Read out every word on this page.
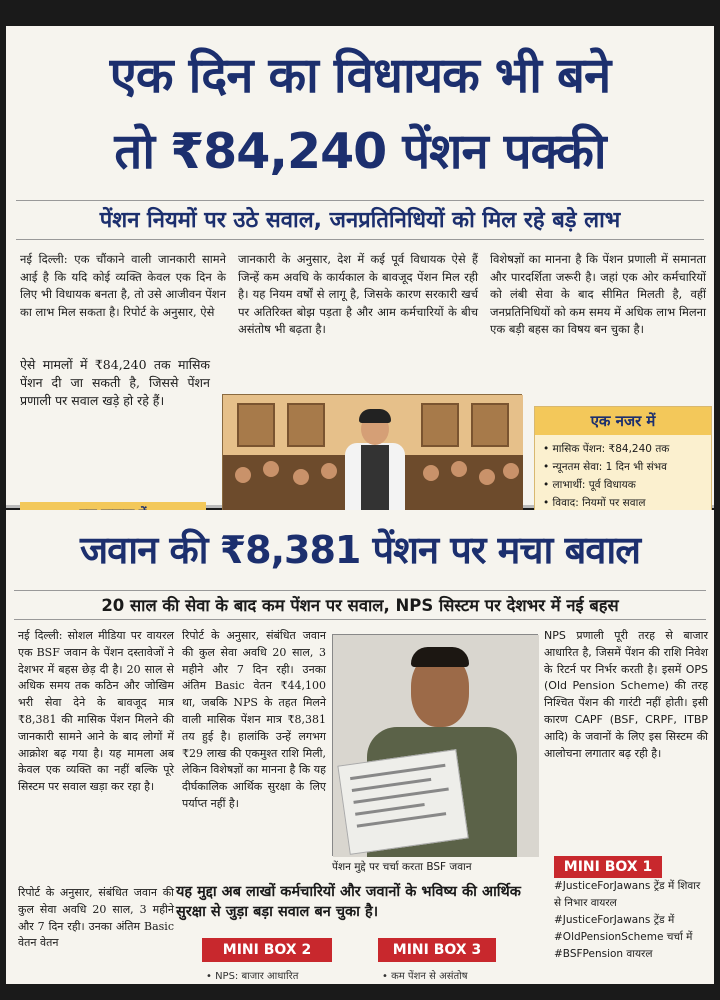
एक दिन का विधायक भी बने
तो ₹84,240 पेंशन पक्की
पेंशन नियमों पर उठे सवाल, जनप्रतिनिधियों को मिल रहे बड़े लाभ
नई दिल्ली: एक चौंकाने वाली जानकारी सामने आई है कि यदि कोई व्यक्ति केवल एक दिन के लिए भी विधायक बनता है, तो उसे आजीवन पेंशन का लाभ मिल सकता है। रिपोर्ट के अनुसार, ऐसे
जानकारी के अनुसार, देश में कई पूर्व विधायक ऐसे हैं जिन्हें कम अवधि के कार्यकाल के बावजूद पेंशन मिल रही है। यह नियम वर्षों से लागू है, जिसके कारण सरकारी खर्च पर अतिरिक्त बोझ पड़ता है और आम कर्मचारियों के बीच असंतोष भी बढ़ता है।
विशेषज्ञों का मानना है कि पेंशन प्रणाली में समानता और पारदर्शिता जरूरी है। जहां एक ओर कर्मचारियों को लंबी सेवा के बाद सीमित मिलती है, वहीं जनप्रतिनिधियों को कम समय में अधिक लाभ मिलना एक बड़ी बहस का विषय बन चुका है।
ऐसे मामलों में ₹84,240 तक मासिक पेंशन दी जा सकती है, जिससे पेंशन प्रणाली पर सवाल खड़े हो रहे हैं।
एक नजर में
• मासिक पेंशन: ₹84,240 तक
• न्यूनतम सेवा: 1 दिन भी संभव
• लाभार्थी: पूर्व विधायक
• विवाद: नियमों पर सवाल
जवान की ₹8,381 पेंशन पर मचा बवाल
20 साल की सेवा के बाद कम पेंशन पर सवाल, NPS सिस्टम पर देशभर में नई बहस
नई दिल्ली: सोशल मीडिया पर वायरल एक BSF जवान के पेंशन दस्तावेजों ने देशभर में बहस छेड़ दी है। 20 साल से अधिक समय तक कठिन और जोखिम भरी सेवा देने के बावजूद मात्र ₹8,381 की मासिक पेंशन मिलने की जानकारी सामने आने के बाद लोगों में आक्रोश बढ़ गया है। यह मामला अब केवल एक व्यक्ति का नहीं बल्कि पूरे सिस्टम पर सवाल खड़ा कर रहा है।
रिपोर्ट के अनुसार, संबंधित जवान की कुल सेवा अवधि 20 साल, 3 महीने और 7 दिन रही। उनका अंतिम Basic वेतन ₹44,100 था, जबकि NPS के तहत मिलने वाली मासिक पेंशन मात्र ₹8,381 तय हुई है। हालांकि उन्हें लगभग ₹29 लाख की एकमुश्त राशि मिली, लेकिन विशेषज्ञों का मानना है कि यह दीर्घकालिक आर्थिक सुरक्षा के लिए पर्याप्त नहीं है।
NPS प्रणाली पूरी तरह से बाजार आधारित है, जिसमें पेंशन की राशि निवेश के रिटर्न पर निर्भर करती है। इसमें OPS (Old Pension Scheme) की तरह निश्चित पेंशन की गारंटी नहीं होती। इसी कारण CAPF (BSF, CRPF, ITBP आदि) के जवानों के लिए इस सिस्टम की आलोचना लगातार बढ़ रही है।
रिपोर्ट के अनुसार, संबंधित जवान की कुल सेवा अवधि 20 साल, 3 महीने और 7 दिन रही। उनका अंतिम Basic वेतन वेतन
पेंशन मुद्दे पर चर्चा करता BSF जवान
यह मुद्दा अब लाखों कर्मचारियों और जवानों के भविष्य की आर्थिक सुरक्षा से जुड़ा बड़ा सवाल बन चुका है।
MINI BOX 1
#JusticeForJawans ट्रेंड में शिवार से निभार वायरल #JusticeForJawans ट्रेंड में #OldPensionScheme चर्चा में #BSFPension वायरल
MINI BOX 2	MINI BOX 3
• NPS: बाजार आधारित	• कम पेंशन से असंतोष
